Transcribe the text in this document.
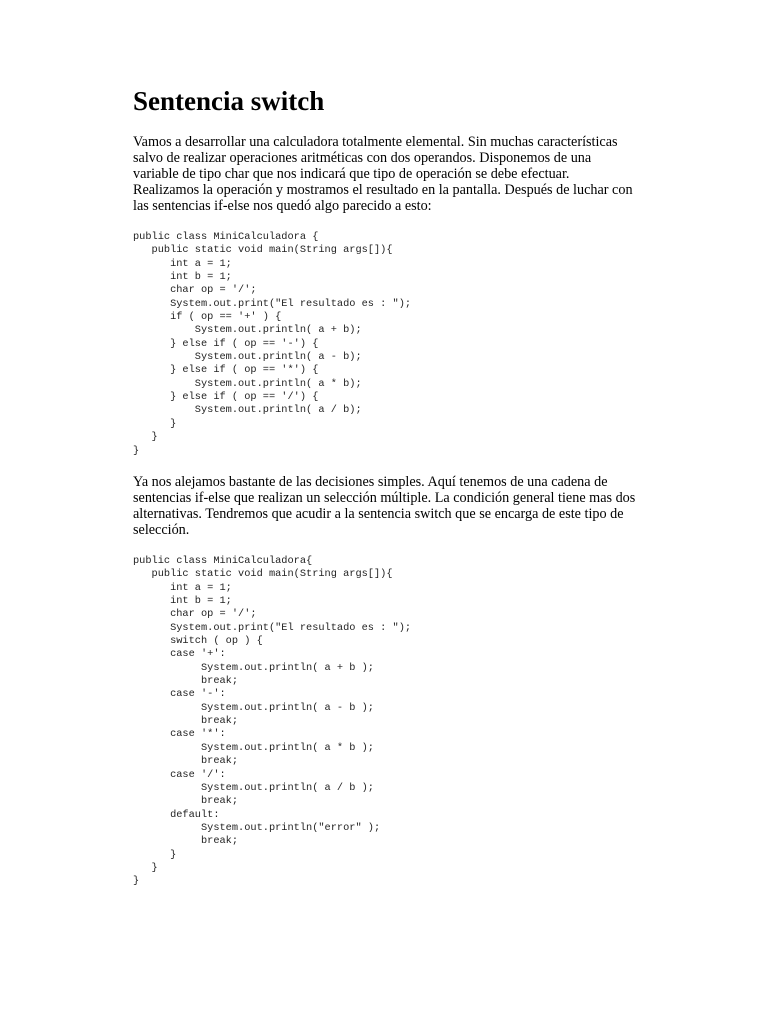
Sentencia switch

Vamos a desarrollar una calculadora totalmente elemental. Sin muchas características
salvo de realizar operaciones aritméticas con dos operandos. Disponemos de una
variable de tipo char que nos indicará que tipo de operación se debe efectuar.
Realizamos la operación y mostramos el resultado en la pantalla. Después de luchar con
las sentencias if-else nos quedó algo parecido a esto:

public class MiniCalculadora {
public static void main(String args[]){
int a = 1;
int b = 1;
char op = '/';
System.out.print("El resultado es : ");
if ( op == '+' ) {
System.out.println( a + b);
} else if ( op == '-') {
System.out.println( a - b);
} else if ( op == '*') {
System.out.println( a * b);
} else if ( op == '/') {
System.out.println( a / b);
}
}
}

Ya nos alejamos bastante de las decisiones simples. Aquí tenemos de una cadena de
sentencias if-else que realizan un selección múltiple. La condición general tiene mas dos
alternativas. Tendremos que acudir a la sentencia switch que se encarga de este tipo de
selección.

public class MiniCalculadora{
public static void main(String args[]){
int a = 1;
int b = 1;
char op = '/';
System.out.print("El resultado es : ");
switch ( op ) {
case '+':
System.out.println( a + b );
break;
case '-':
System.out.println( a - b );
break;
case '*':
System.out.println( a * b );
break;
case '/':
System.out.println( a / b );
break;
default:
System.out.println("error" );
break;
}
}
}
